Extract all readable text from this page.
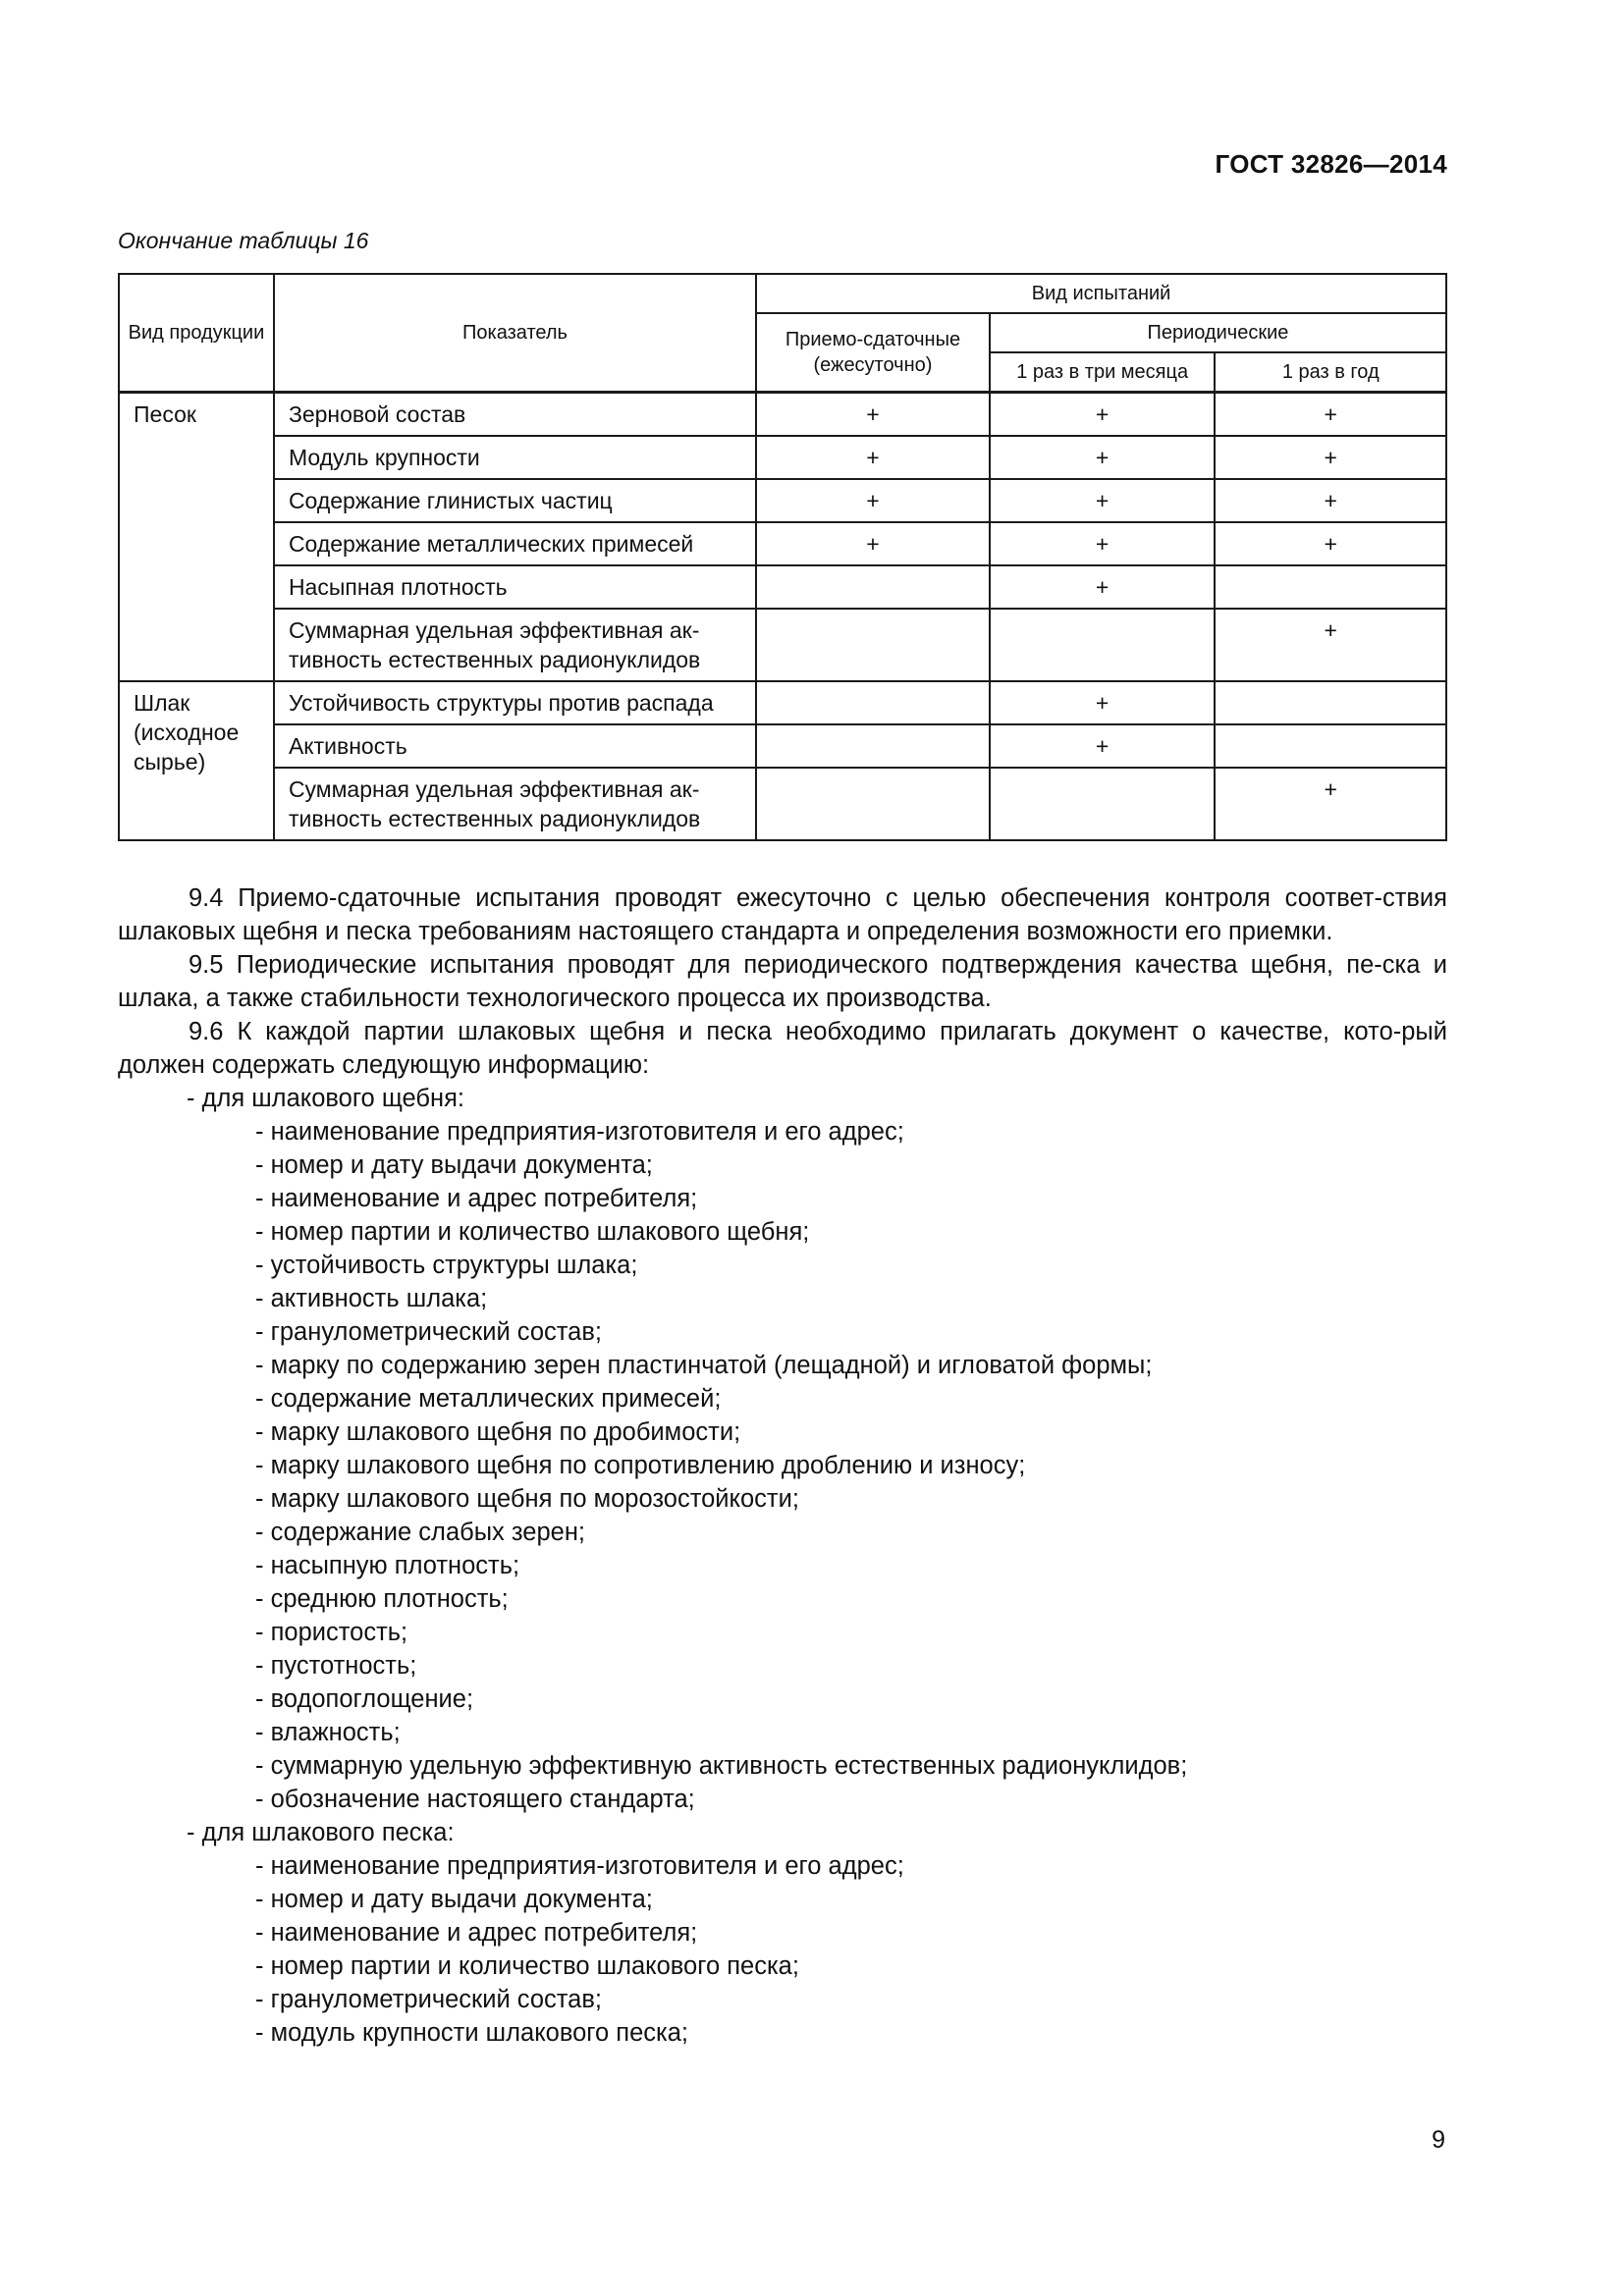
ГОСТ 32826—2014
Окончание таблицы 16
Вид продукции	Показатель	Вид испытаний		
		Приемо-сдаточные (ежесуточно)	Периодические	
			1 раз в три месяца	1 раз в год
Песок	Зерновой состав	+	+	+
	Модуль крупности	+	+	+
	Содержание глинистых частиц	+	+	+
	Содержание металлических примесей	+	+	+
	Насыпная плотность		+	
	Суммарная удельная эффективная ак-тивность естественных радионуклидов			+
Шлак (исходное сырье)	Устойчивость структуры против распада		+	
	Активность		+	
	Суммарная удельная эффективная ак-тивность естественных радионуклидов			+

9.4 Приемо-сдаточные испытания проводят ежесуточно с целью обеспечения контроля соответ-ствия шлаковых щебня и песка требованиям настоящего стандарта и определения возможности его приемки.

9.5 Периодические испытания проводят для периодического подтверждения качества щебня, пе-ска и шлака, а также стабильности технологического процесса их производства.

9.6 К каждой партии шлаковых щебня и песка необходимо прилагать документ о качестве, кото-рый должен содержать следующую информацию:

- для шлакового щебня:
- наименование предприятия-изготовителя и его адрес;
- номер и дату выдачи документа;
- наименование и адрес потребителя;
- номер партии и количество шлакового щебня;
- устойчивость структуры шлака;
- активность шлака;
- гранулометрический состав;
- марку по содержанию зерен пластинчатой (лещадной) и игловатой формы;
- содержание металлических примесей;
- марку шлакового щебня по дробимости;
- марку шлакового щебня по сопротивлению дроблению и износу;
- марку шлакового щебня по морозостойкости;
- содержание слабых зерен;
- насыпную плотность;
- среднюю плотность;
- пористость;
- пустотность;
- водопоглощение;
- влажность;
- суммарную удельную эффективную активность естественных радионуклидов;
- обозначение настоящего стандарта;
- для шлакового песка:
- наименование предприятия-изготовителя и его адрес;
- номер и дату выдачи документа;
- наименование и адрес потребителя;
- номер партии и количество шлакового песка;
- гранулометрический состав;
- модуль крупности шлакового песка;
9
